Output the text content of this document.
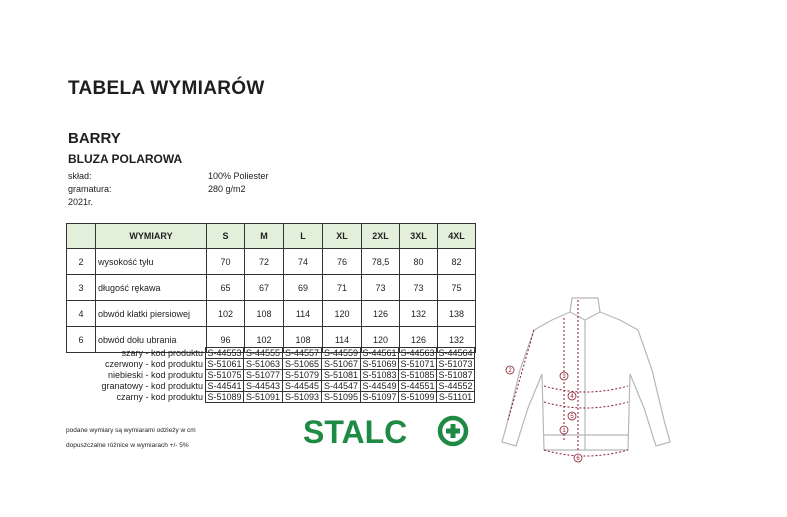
TABELA WYMIARÓW
BARRY
BLUZA POLAROWA
skład:	100% Poliester
gramatura:	280 g/m2
2021r.
	WYMIARY	S	M	L	XL	2XL	3XL	4XL
2	wysokość tyłu	70	72	74	76	78,5	80	82
3	długość rękawa	65	67	69	71	73	73	75
4	obwód klatki piersiowej	102	108	114	120	126	132	138
6	obwód dołu ubrania	96	102	108	114	120	126	132
szary - kod produktu	S-44553	S-44555	S-44557	S-44559	S-44561	S-44563	S-44564
czerwony - kod produktu	S-51061	S-51063	S-51065	S-51067	S-51069	S-51071	S-51073
niebieski - kod produktu	S-51075	S-51077	S-51079	S-51081	S-51083	S-51085	S-51087
granatowy - kod produktu	S-44541	S-44543	S-44545	S-44547	S-44549	S-44551	S-44552
czarny - kod produktu	S-51089	S-51091	S-51093	S-51095	S-51097	S-51099	S-51101
podane wymiary są wymiarami odzieży w cm
dopuszczalne różnice w wymiarach +/- 5%	STALC
2
3
4
5
6
1
